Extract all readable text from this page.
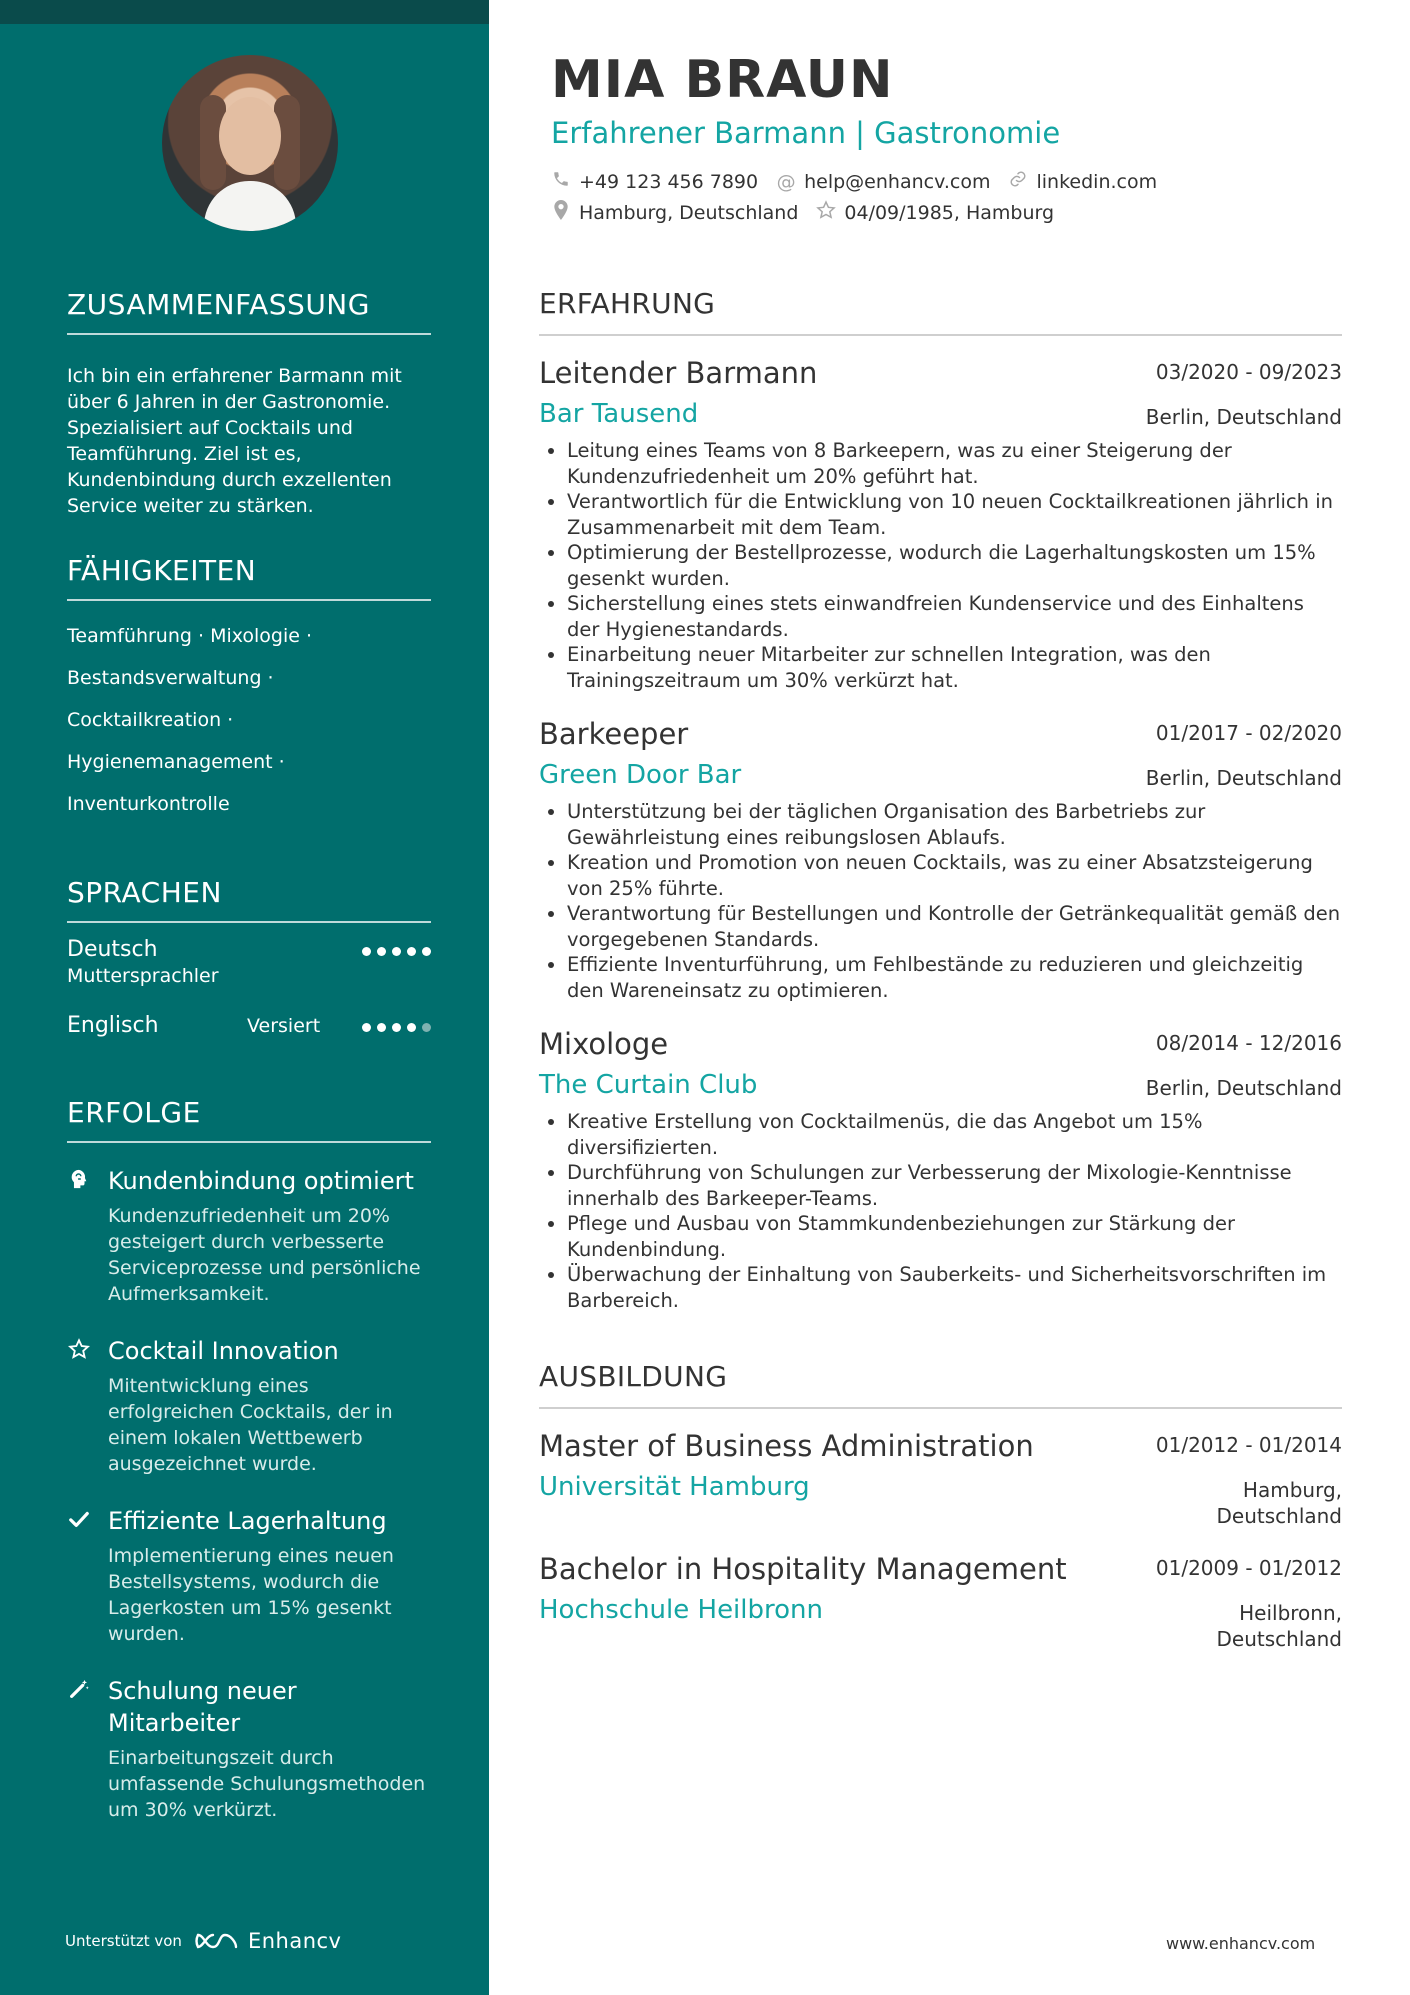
ZUSAMMENFASSUNG
Ich bin ein erfahrener Barmann mit über 6 Jahren in der Gastronomie. Spezialisiert auf Cocktails und Teamführung. Ziel ist es, Kundenbindung durch exzellenten Service weiter zu stärken.
FÄHIGKEITEN
Teamführung · Mixologie ·
Bestandsverwaltung ·
Cocktailkreation ·
Hygienemanagement ·
Inventurkontrolle
SPRACHEN
Deutsch
Muttersprachler
Englisch	Versiert
ERFOLGE
Kundenbindung optimiert
Kundenzufriedenheit um 20% gesteigert durch verbesserte Serviceprozesse und persönliche Aufmerksamkeit.
Cocktail Innovation
Mitentwicklung eines erfolgreichen Cocktails, der in einem lokalen Wettbewerb ausgezeichnet wurde.
Effiziente Lagerhaltung
Implementierung eines neuen Bestellsystems, wodurch die Lagerkosten um 15% gesenkt wurden.
Schulung neuer Mitarbeiter
Einarbeitungszeit durch umfassende Schulungsmethoden um 30% verkürzt.
Unterstützt von	Enhancv
MIA BRAUN
Erfahrener Barmann | Gastronomie
+49 123 456 7890 @ help@enhancv.com linkedin.com
Hamburg, Deutschland 04/09/1985, Hamburg
ERFAHRUNG
Leitender Barmann	03/2020 - 09/2023
Bar Tausend	Berlin, Deutschland
• Leitung eines Teams von 8 Barkeepern, was zu einer Steigerung der Kundenzufriedenheit um 20% geführt hat.
• Verantwortlich für die Entwicklung von 10 neuen Cocktailkreationen jährlich in Zusammenarbeit mit dem Team.
• Optimierung der Bestellprozesse, wodurch die Lagerhaltungskosten um 15% gesenkt wurden.
• Sicherstellung eines stets einwandfreien Kundenservice und des Einhaltens der Hygienestandards.
• Einarbeitung neuer Mitarbeiter zur schnellen Integration, was den Trainingszeitraum um 30% verkürzt hat.
Barkeeper	01/2017 - 02/2020
Green Door Bar	Berlin, Deutschland
• Unterstützung bei der täglichen Organisation des Barbetriebs zur Gewährleistung eines reibungslosen Ablaufs.
• Kreation und Promotion von neuen Cocktails, was zu einer Absatzsteigerung von 25% führte.
• Verantwortung für Bestellungen und Kontrolle der Getränkequalität gemäß den vorgegebenen Standards.
• Effiziente Inventurführung, um Fehlbestände zu reduzieren und gleichzeitig den Wareneinsatz zu optimieren.
Mixologe	08/2014 - 12/2016
The Curtain Club	Berlin, Deutschland
• Kreative Erstellung von Cocktailmenüs, die das Angebot um 15% diversifizierten.
• Durchführung von Schulungen zur Verbesserung der Mixologie-Kenntnisse innerhalb des Barkeeper-Teams.
• Pflege und Ausbau von Stammkundenbeziehungen zur Stärkung der Kundenbindung.
• Überwachung der Einhaltung von Sauberkeits- und Sicherheitsvorschriften im Barbereich.
AUSBILDUNG
Master of Business Administration	01/2012 - 01/2014
Universität Hamburg	Hamburg,
Deutschland
Bachelor in Hospitality Management	01/2009 - 01/2012
Hochschule Heilbronn	Heilbronn,
Deutschland
www.enhancv.com
